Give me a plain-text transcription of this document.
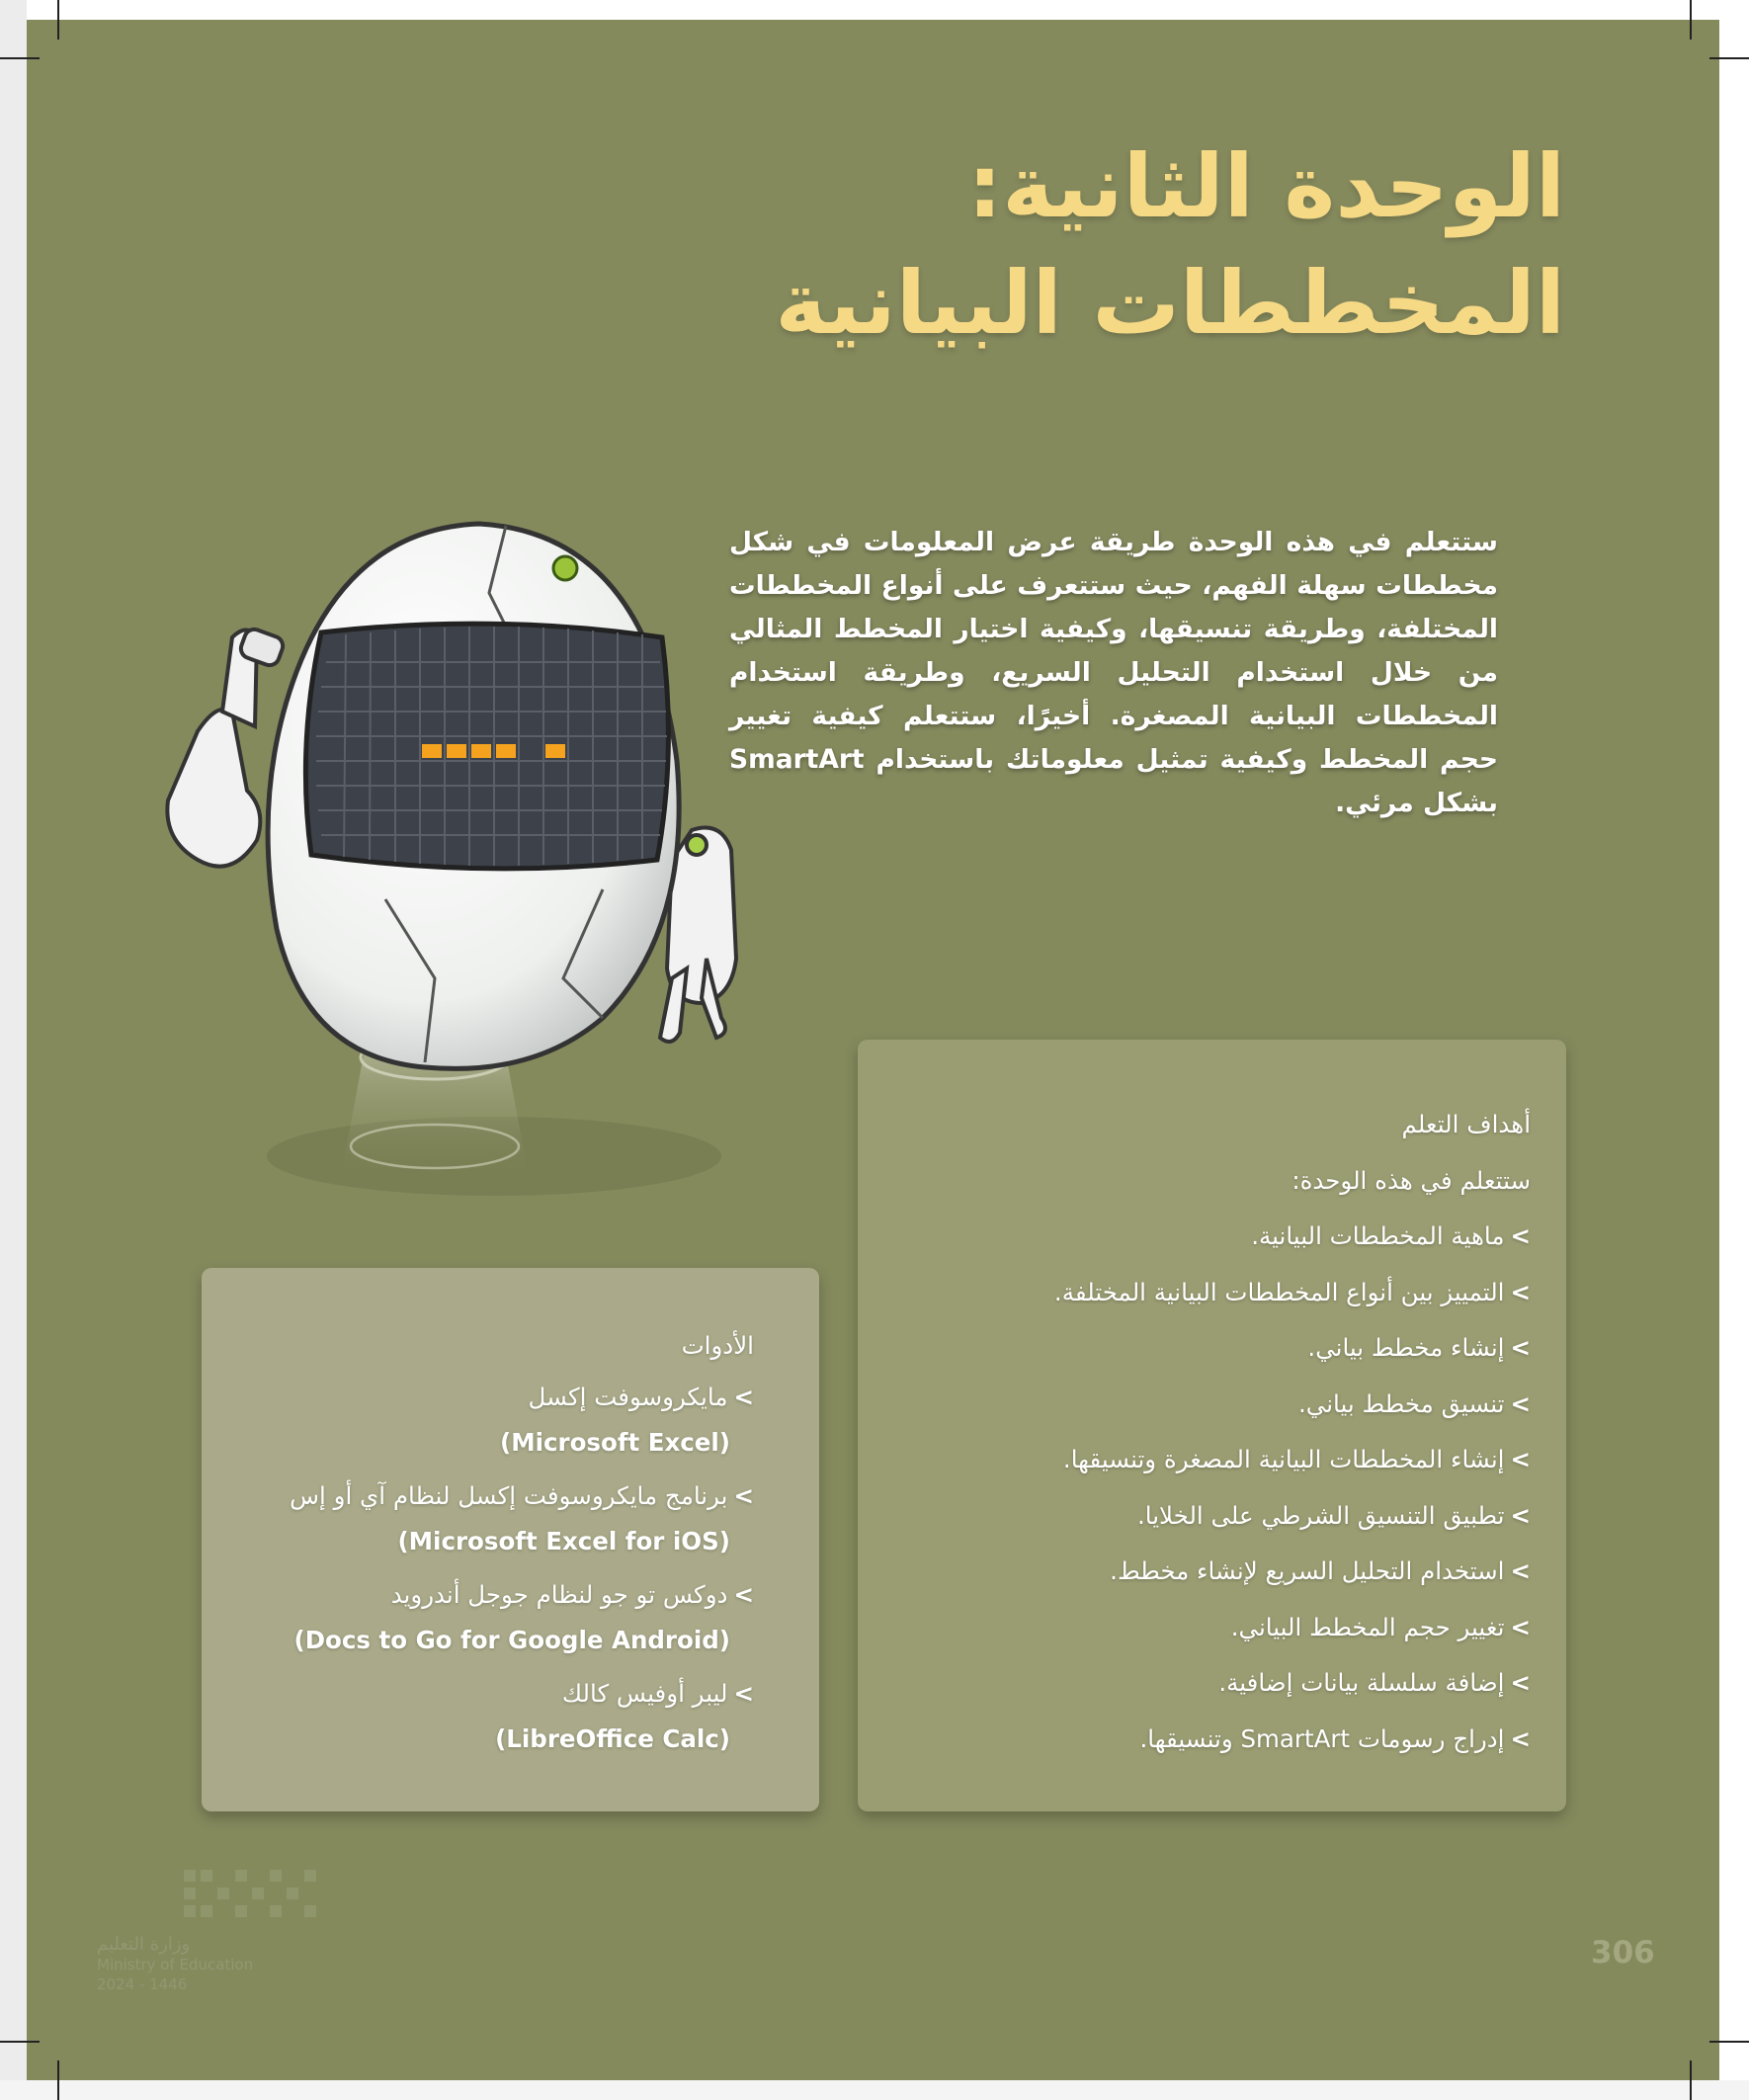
الوحدة الثانية:
المخططات البيانية
ستتعلم في هذه الوحدة طريقة عرض المعلومات في شكل مخططات سهلة الفهم، حيث ستتعرف على أنواع المخططات المختلفة، وطريقة تنسيقها، وكيفية اختيار المخطط المثالي من خلال استخدام التحليل السريع، وطريقة استخدام المخططات البيانية المصغرة. أخيرًا، ستتعلم كيفية تغيير حجم المخطط وكيفية تمثيل معلوماتك باستخدام SmartArt بشكل مرئي.
أهداف التعلم
ستتعلم في هذه الوحدة:
>ماهية المخططات البيانية.
>التمييز بين أنواع المخططات البيانية المختلفة.
>إنشاء مخطط بياني.
>تنسيق مخطط بياني.
>إنشاء المخططات البيانية المصغرة وتنسيقها.
>تطبيق التنسيق الشرطي على الخلايا.
>استخدام التحليل السريع لإنشاء مخطط.
>تغيير حجم المخطط البياني.
>إضافة سلسلة بيانات إضافية.
>إدراج رسومات SmartArt وتنسيقها.
الأدوات
>مايكروسوفت إكسل
(Microsoft Excel)
>برنامج مايكروسوفت إكسل لنظام آي أو إس
(Microsoft Excel for iOS)
>دوكس تو جو لنظام جوجل أندرويد
(Docs to Go for Google Android)
>ليبر أوفيس كالك
(LibreOffice Calc)
وزارة التعليم
Ministry of Education
2024 - 1446
306
